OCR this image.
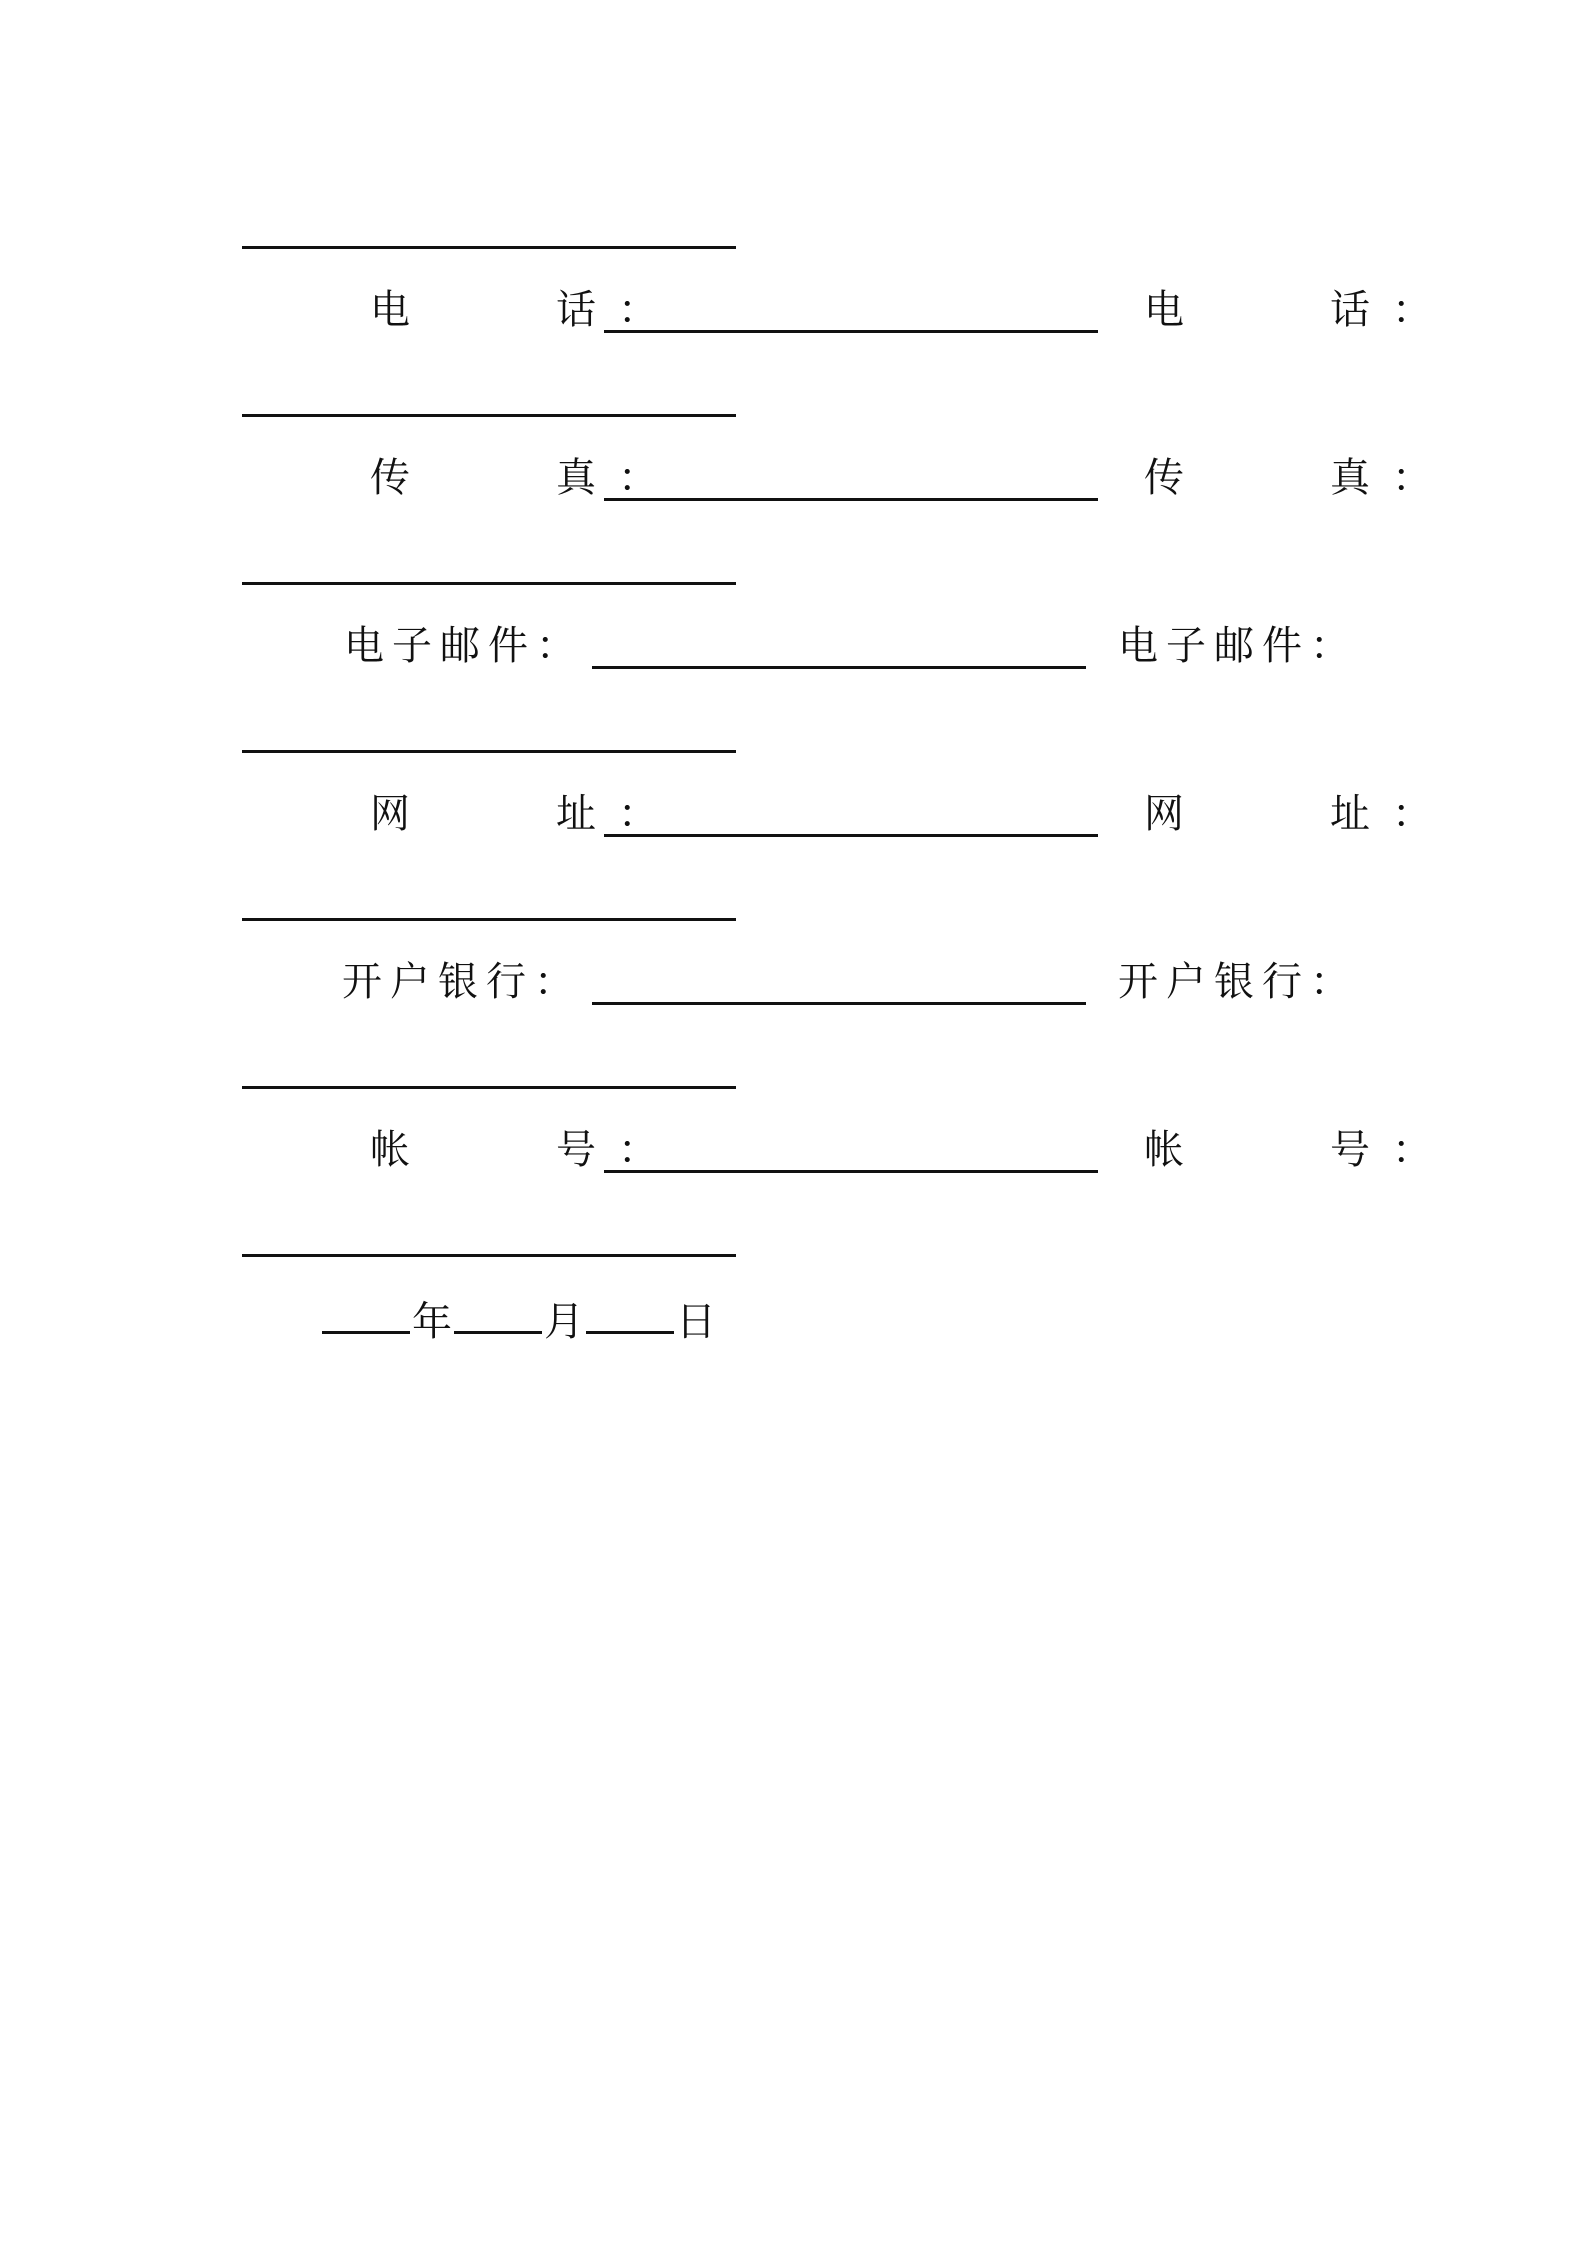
电　　话：	电　　话：
传　　真：	传　　真：
电子邮件：	电子邮件：
网　　址：	网　　址：
开户银行：	开户银行：
帐　　号：	帐　　号：
年 月 日
